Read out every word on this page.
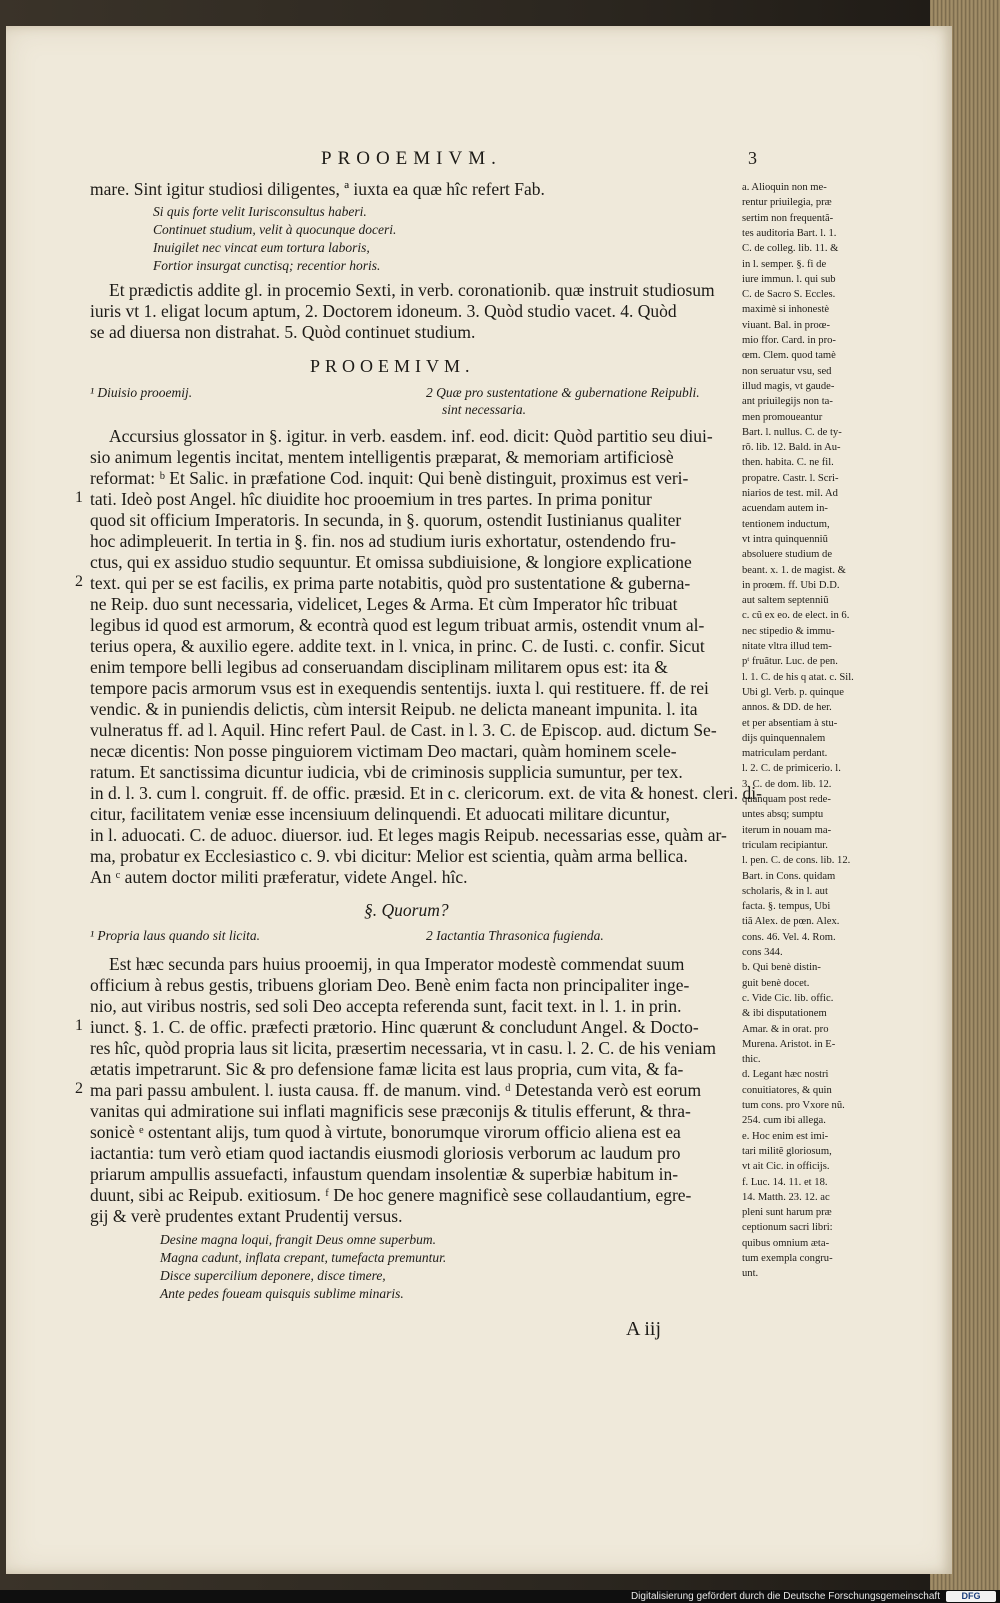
PROOEMIVM.	3
mare. Sint igitur studiosi diligentes, ª iuxta ea quæ hîc refert Fab.
Si quis forte velit Iurisconsultus haberi.
Continuet studium, velit à quocunque doceri.
Inuigilet nec vincat eum tortura laboris,
Fortior insurgat cunctisq; recentior horis.
Et prædictis addite gl. in procemio Sexti, in verb. coronationib. quæ instruit studiosum
iuris vt 1. eligat locum aptum, 2. Doctorem idoneum. 3. Quòd studio vacet. 4. Quòd
se ad diuersa non distrahat. 5. Quòd continuet studium.
PROOEMIVM.
¹ Diuisio prooemij.	2 Quæ pro sustentatione & gubernatione Reipubli.
sint necessaria.
Accursius glossator in §. igitur. in verb. easdem. inf. eod. dicit: Quòd partitio seu diui-
sio animum legentis incitat, mentem intelligentis præparat, & memoriam artificiosè
reformat: ᵇ Et Salic. in præfatione Cod. inquit: Qui benè distinguit, proximus est veri-
1 tati. Ideò post Angel. hîc diuidite hoc prooemium in tres partes. In prima ponitur
quod sit officium Imperatoris. In secunda, in §. quorum, ostendit Iustinianus qualiter
hoc adimpleuerit. In tertia in §. fin. nos ad studium iuris exhortatur, ostendendo fru-
ctus, qui ex assiduo studio sequuntur. Et omissa subdiuisione, & longiore explicatione
2 text. qui per se est facilis, ex prima parte notabitis, quòd pro sustentatione & guberna-
ne Reip. duo sunt necessaria, videlicet, Leges & Arma. Et cùm Imperator hîc tribuat
legibus id quod est armorum, & econtrà quod est legum tribuat armis, ostendit vnum al-
terius opera, & auxilio egere. addite text. in l. vnica, in princ. C. de Iusti. c. confir. Sicut
enim tempore belli legibus ad conseruandam disciplinam militarem opus est: ita &
tempore pacis armorum vsus est in exequendis sententijs. iuxta l. qui restituere. ff. de rei
vendic. & in puniendis delictis, cùm intersit Reipub. ne delicta maneant impunita. l. ita
vulneratus ff. ad l. Aquil. Hinc refert Paul. de Cast. in l. 3. C. de Episcop. aud. dictum Se-
necæ dicentis: Non posse pinguiorem victimam Deo mactari, quàm hominem scele-
ratum. Et sanctissima dicuntur iudicia, vbi de criminosis supplicia sumuntur, per tex.
in d. l. 3. cum l. congruit. ff. de offic. præsid. Et in c. clericorum. ext. de vita & honest. cleri. di-
citur, facilitatem veniæ esse incensiuum delinquendi. Et aduocati militare dicuntur,
in l. aduocati. C. de aduoc. diuersor. iud. Et leges magis Reipub. necessarias esse, quàm ar-
ma, probatur ex Ecclesiastico c. 9. vbi dicitur: Melior est scientia, quàm arma bellica.
An ᶜ autem doctor militi præferatur, videte Angel. hîc.
§. Quorum?
¹ Propria laus quando sit licita.	2 Iactantia Thrasonica fugienda.
Est hæc secunda pars huius prooemij, in qua Imperator modestè commendat suum
officium à rebus gestis, tribuens gloriam Deo. Benè enim facta non principaliter inge-
nio, aut viribus nostris, sed soli Deo accepta referenda sunt, facit text. in l. 1. in prin.
1 iunct. §. 1. C. de offic. præfecti prætorio. Hinc quærunt & concludunt Angel. & Docto-
res hîc, quòd propria laus sit licita, præsertim necessaria, vt in casu. l. 2. C. de his veniam
ætatis impetrarunt. Sic & pro defensione famæ licita est laus propria, cum vita, & fa-
2 ma pari passu ambulent. l. iusta causa. ff. de manum. vind. ᵈ Detestanda verò est eorum
vanitas qui admiratione sui inflati magnificis sese præconijs & titulis efferunt, & thra-
sonicè ᵉ ostentant alijs, tum quod à virtute, bonorumque virorum officio aliena est ea
iactantia: tum verò etiam quod iactandis eiusmodi gloriosis verborum ac laudum pro
priarum ampullis assuefacti, infaustum quendam insolentiæ & superbiæ habitum in-
duunt, sibi ac Reipub. exitiosum. ᶠ De hoc genere magnificè sese collaudantium, egre-
gij & verè prudentes extant Prudentij versus.
Desine magna loqui, frangit Deus omne superbum.
Magna cadunt, inflata crepant, tumefacta premuntur.
Disce supercilium deponere, disce timere,
Ante pedes foueam quisquis sublime minaris.
A iij
a. Alioquin non me-
rentur priuilegia, præ
sertim non frequentã-
tes auditoria Bart. l. 1.
C. de colleg. lib. 11. &
in l. semper. §. fi de
iure immun. l. qui sub
C. de Sacro S. Eccles.
maximè si inhonestè
viuant. Bal. in proœ-
mio ffor. Card. in pro-
œm. Clem. quod tamè
non seruatur vsu, sed
illud magis, vt gaude-
ant priuilegijs non ta-
men promoueantur
Bart. l. nullus. C. de ty-
rõ. lib. 12. Bald. in Au-
then. habita. C. ne fil.
propatre. Castr. l. Scri-
niarios de test. mil. Ad
acuendam autem in-
tentionem inductum,
vt intra quinquenniũ
absoluere studium de
beant. x. 1. de magist. &
in proœm. ff. Ubi D.D.
aut saltem septenniũ
c. cũ ex eo. de elect. in 6.
nec stipedio & immu-
nitate vltra illud tem-
pᵗ fruãtur. Luc. de pen.
l. 1. C. de his q atat. c. Sil.
Ubi gl. Verb. p. quinque
annos. & DD. de her.
et per absentiam à stu-
dijs quinquennalem
matriculam perdant.
l. 2. C. de primicerio. l.
3. C. de dom. lib. 12.
quanquam post rede-
untes absq; sumptu
iterum in nouam ma-
triculam recipiantur.
l. pen. C. de cons. lib. 12.
Bart. in Cons. quidam
scholaris, & in l. aut
facta. §. tempus, Ubi
tiã Alex. de pœn. Alex.
cons. 46. Vel. 4. Rom.
cons 344.
b. Qui benè distin-
guit benè docet.
c. Vide Cic. lib. offic.
& ibi disputationem
Amar. & in orat. pro
Murena. Aristot. in E-
thic.
d. Legant hæc nostri
conuitiatores, & quin
tum cons. pro Vxore nũ.
254. cum ibi allega.
e. Hoc enim est imi-
tari militẽ gloriosum,
vt ait Cic. in officijs.
f. Luc. 14. 11. et 18.
14. Matth. 23. 12. ac
pleni sunt harum præ
ceptionum sacri libri:
quibus omnium æta-
tum exempla congru-
unt.
Digitalisierung gefördert durch die Deutsche Forschungsgemeinschaft	DFG
